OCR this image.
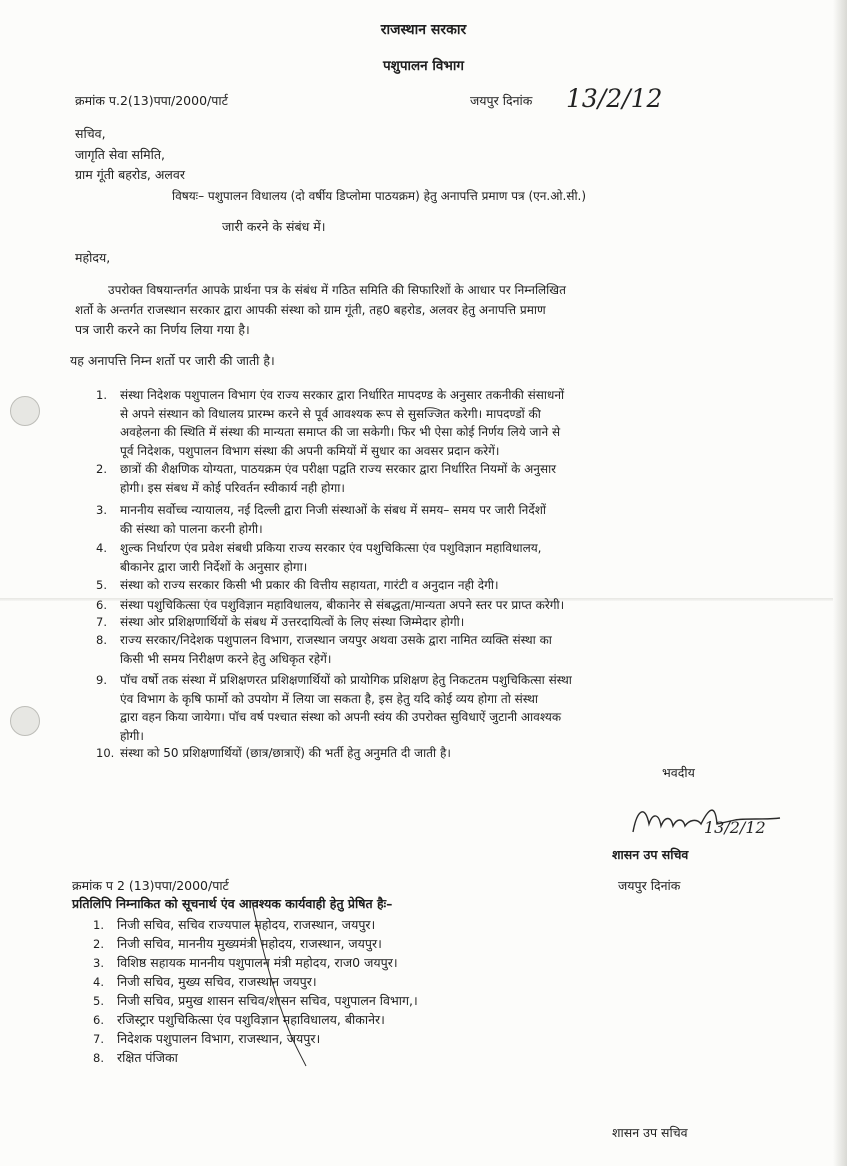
राजस्थान सरकार
पशुपालन विभाग
क्रमांक प.2(13)पपा/2000/पार्ट	जयपुर दिनांक 13/2/12
सचिव,
जागृति सेवा समिति,
ग्राम गूंती बहरोड, अलवर
विषयः– पशुपालन विधालय (दो वर्षीय डिप्लोमा पाठयक्रम) हेतु अनापत्ति प्रमाण पत्र (एन.ओ.सी.)
जारी करने के संबंध में।
महोदय,
उपरोक्त विषयान्तर्गत आपके प्रार्थना पत्र के संबंध में गठित समिति की सिफारिशों के आधार पर निम्नलिखित
शर्तो के अन्तर्गत राजस्थान सरकार द्वारा आपकी संस्था को ग्राम गूंती, तह0 बहरोड, अलवर हेतु अनापत्ति प्रमाण
पत्र जारी करने का निर्णय लिया गया है।
यह अनापत्ति निम्न शर्तो पर जारी की जाती है।
1. संस्था निदेशक पशुपालन विभाग एंव राज्य सरकार द्वारा निर्धारित मापदण्ड के अनुसार तकनीकी संसाधनों
से अपने संस्थान को विधालय प्रारम्भ करने से पूर्व आवश्यक रूप से सुसज्जित करेगी। मापदण्डों की
अवहेलना की स्थिति में संस्था की मान्यता समाप्त की जा सकेगी। फिर भी ऐसा कोई निर्णय लिये जाने से
पूर्व निदेशक, पशुपालन विभाग संस्था की अपनी कमियों में सुधार का अवसर प्रदान करेगें।
2. छात्रों की शैक्षणिक योग्यता, पाठयक्रम एंव परीक्षा पद्वति राज्य सरकार द्वारा निर्धारित नियमों के अनुसार
होगी। इस संबध में कोई परिवर्तन स्वीकार्य नही होगा।
3. माननीय सर्वोच्च न्यायालय, नई दिल्ली द्वारा निजी संस्थाओं के संबध में समय– समय पर जारी निर्देशों
की संस्था को पालना करनी होगी।
4. शुल्क निर्धारण एंव प्रवेश संबधी प्रकिया राज्य सरकार एंव पशुचिकित्सा एंव पशुविज्ञान महाविधालय,
बीकानेर द्वारा जारी निर्देशों के अनुसार होगा।
5. संस्था को राज्य सरकार किसी भी प्रकार की वित्तीय सहायता, गारंटी व अनुदान नही देगी।
6. संस्था पशुचिकित्सा एंव पशुविज्ञान महाविधालय, बीकानेर से संबद्धता/मान्यता अपने स्तर पर प्राप्त करेगी।
7. संस्था ओर प्रशिक्षणार्थियों के संबध में उत्तरदायित्वों के लिए संस्था जिम्मेदार होगी।
8. राज्य सरकार/निदेशक पशुपालन विभाग, राजस्थान जयपुर अथवा उसके द्वारा नामित व्यक्ति संस्था का
किसी भी समय निरीक्षण करने हेतु अधिकृत रहेगें।
9. पॉच वर्षो तक संस्था में प्रशिक्षणरत प्रशिक्षणार्थियों को प्रायोगिक प्रशिक्षण हेतु निकटतम पशुचिकित्सा संस्था
एंव विभाग के कृषि फार्मो को उपयोग में लिया जा सकता है, इस हेतु यदि कोई व्यय होगा तो संस्था
द्वारा वहन किया जायेगा। पॉच वर्ष पश्चात संस्था को अपनी स्वंय की उपरोक्त सुविधाऐं जुटानी आवश्यक
होगी।
10. संस्था को 50 प्रशिक्षणार्थियों (छात्र/छात्राऐं) की भर्ती हेतु अनुमति दी जाती है।
भवदीय
13/2/12
शासन उप सचिव
जयपुर दिनांक
क्रमांक प 2 (13)पपा/2000/पार्ट
प्रतिलिपि निम्नाकित को सूचनार्थ एंव आवश्यक कार्यवाही हेतु प्रेषित हैः–
1. निजी सचिव, सचिव राज्यपाल महोदय, राजस्थान, जयपुर।
2. निजी सचिव, माननीय मुख्यमंत्री महोदय, राजस्थान, जयपुर।
3. विशिष्ठ सहायक माननीय पशुपालन मंत्री महोदय, राज0 जयपुर।
4. निजी सचिव, मुख्य सचिव, राजस्थान जयपुर।
5. निजी सचिव, प्रमुख शासन सचिव/शासन सचिव, पशुपालन विभाग,।
6. रजिस्ट्रार पशुचिकित्सा एंव पशुविज्ञान महाविधालय, बीकानेर।
7. निदेशक पशुपालन विभाग, राजस्थान, जयपुर।
8. रक्षित पंजिका
शासन उप सचिव
